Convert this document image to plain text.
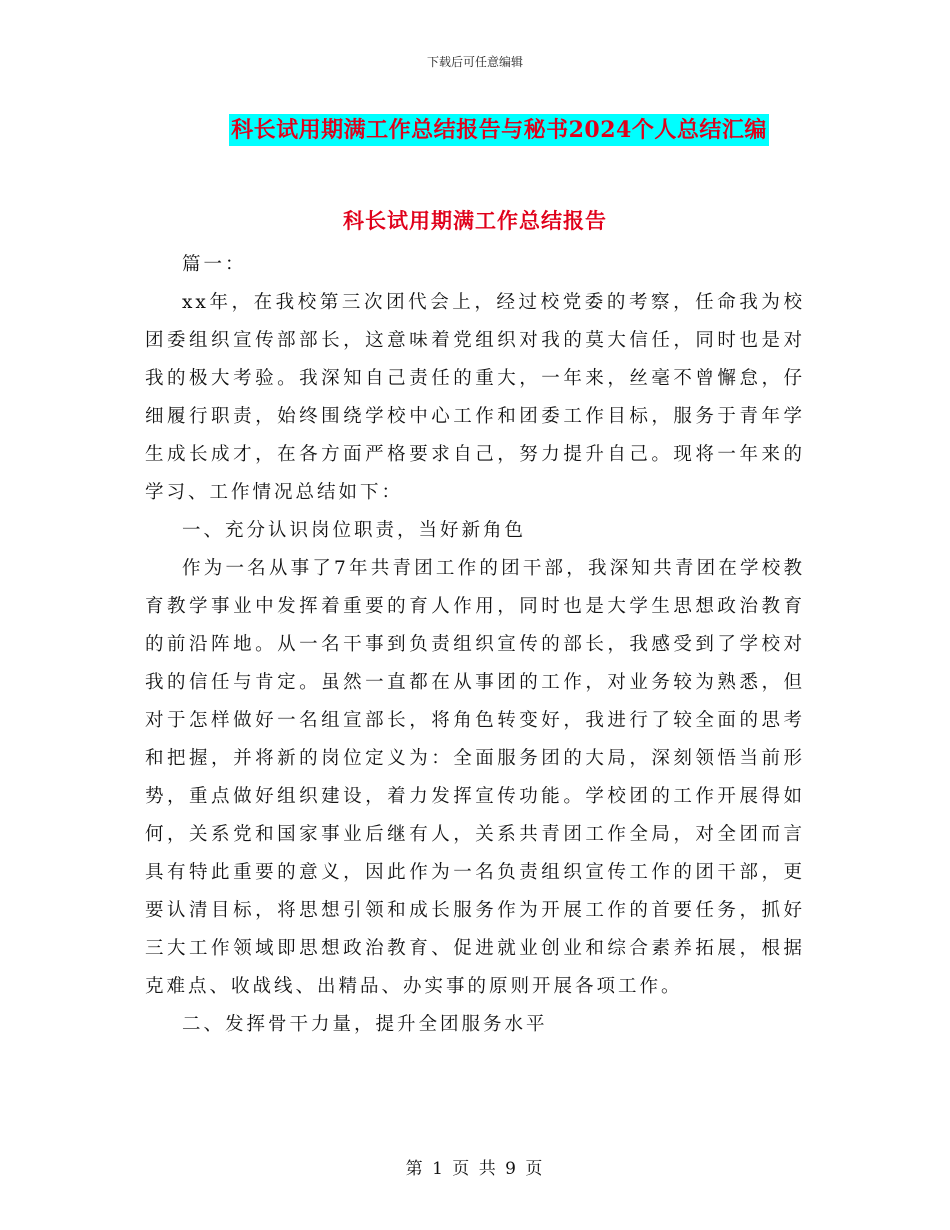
下载后可任意编辑
科长试用期满工作总结报告与秘书2024个人总结汇编
科长试用期满工作总结报告

篇一：

xx年，在我校第三次团代会上，经过校党委的考察，任命我为校团委组织宣传部部长，这意味着党组织对我的莫大信任，同时也是对我的极大考验。我深知自己责任的重大，一年来，丝毫不曾懈怠，仔细履行职责，始终围绕学校中心工作和团委工作目标，服务于青年学生成长成才，在各方面严格要求自己，努力提升自己。现将一年来的学习、工作情况总结如下：

一、充分认识岗位职责，当好新角色

作为一名从事了7年共青团工作的团干部，我深知共青团在学校教育教学事业中发挥着重要的育人作用，同时也是大学生思想政治教育的前沿阵地。从一名干事到负责组织宣传的部长，我感受到了学校对我的信任与肯定。虽然一直都在从事团的工作，对业务较为熟悉，但对于怎样做好一名组宣部长，将角色转变好，我进行了较全面的思考和把握，并将新的岗位定义为：全面服务团的大局，深刻领悟当前形势，重点做好组织建设，着力发挥宣传功能。学校团的工作开展得如何，关系党和国家事业后继有人，关系共青团工作全局，对全团而言具有特此重要的意义，因此作为一名负责组织宣传工作的团干部，更要认清目标，将思想引领和成长服务作为开展工作的首要任务，抓好三大工作领域即思想政治教育、促进就业创业和综合素养拓展，根据克难点、收战线、出精品、办实事的原则开展各项工作。

二、发挥骨干力量，提升全团服务水平

第 1 页 共 9 页
